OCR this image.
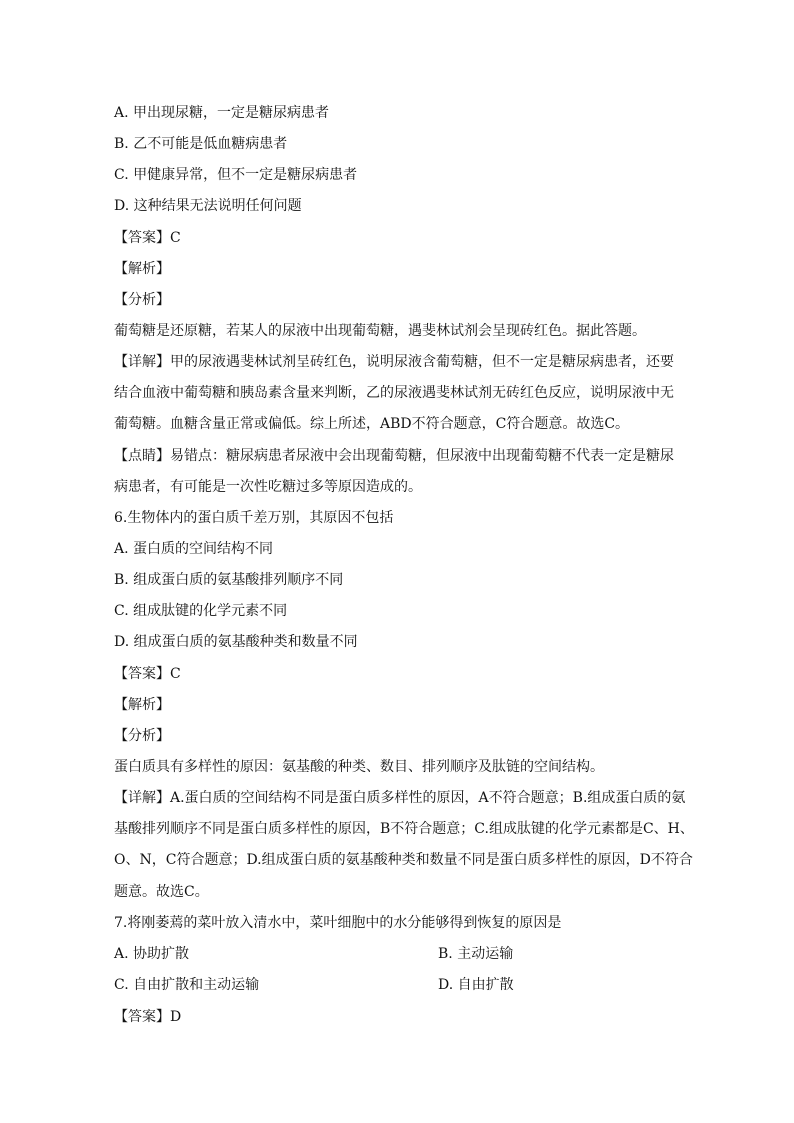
A. 甲出现尿糖，一定是糖尿病患者
B. 乙不可能是低血糖病患者
C. 甲健康异常，但不一定是糖尿病患者
D. 这种结果无法说明任何问题
【答案】C
【解析】
【分析】
葡萄糖是还原糖，若某人的尿液中出现葡萄糖，遇斐林试剂会呈现砖红色。据此答题。
【详解】甲的尿液遇斐林试剂呈砖红色，说明尿液含葡萄糖，但不一定是糖尿病患者，还要
结合血液中葡萄糖和胰岛素含量来判断，乙的尿液遇斐林试剂无砖红色反应，说明尿液中无
葡萄糖。血糖含量正常或偏低。综上所述，ABD不符合题意，C符合题意。故选C。
【点睛】易错点：糖尿病患者尿液中会出现葡萄糖，但尿液中出现葡萄糖不代表一定是糖尿
病患者，有可能是一次性吃糖过多等原因造成的。
6.生物体内的蛋白质千差万别，其原因不包括
A. 蛋白质的空间结构不同
B. 组成蛋白质的氨基酸排列顺序不同
C. 组成肽键的化学元素不同
D. 组成蛋白质的氨基酸种类和数量不同
【答案】C
【解析】
【分析】
蛋白质具有多样性的原因：氨基酸的种类、数目、排列顺序及肽链的空间结构。
【详解】A.蛋白质的空间结构不同是蛋白质多样性的原因，A不符合题意；B.组成蛋白质的氨
基酸排列顺序不同是蛋白质多样性的原因，B不符合题意；C.组成肽键的化学元素都是C、H、
O、N，C符合题意；D.组成蛋白质的氨基酸种类和数量不同是蛋白质多样性的原因，D不符合
题意。故选C。
7.将刚萎蔫的菜叶放入清水中，菜叶细胞中的水分能够得到恢复的原因是
A. 协助扩散	B. 主动运输
C. 自由扩散和主动运输	D. 自由扩散
【答案】D
